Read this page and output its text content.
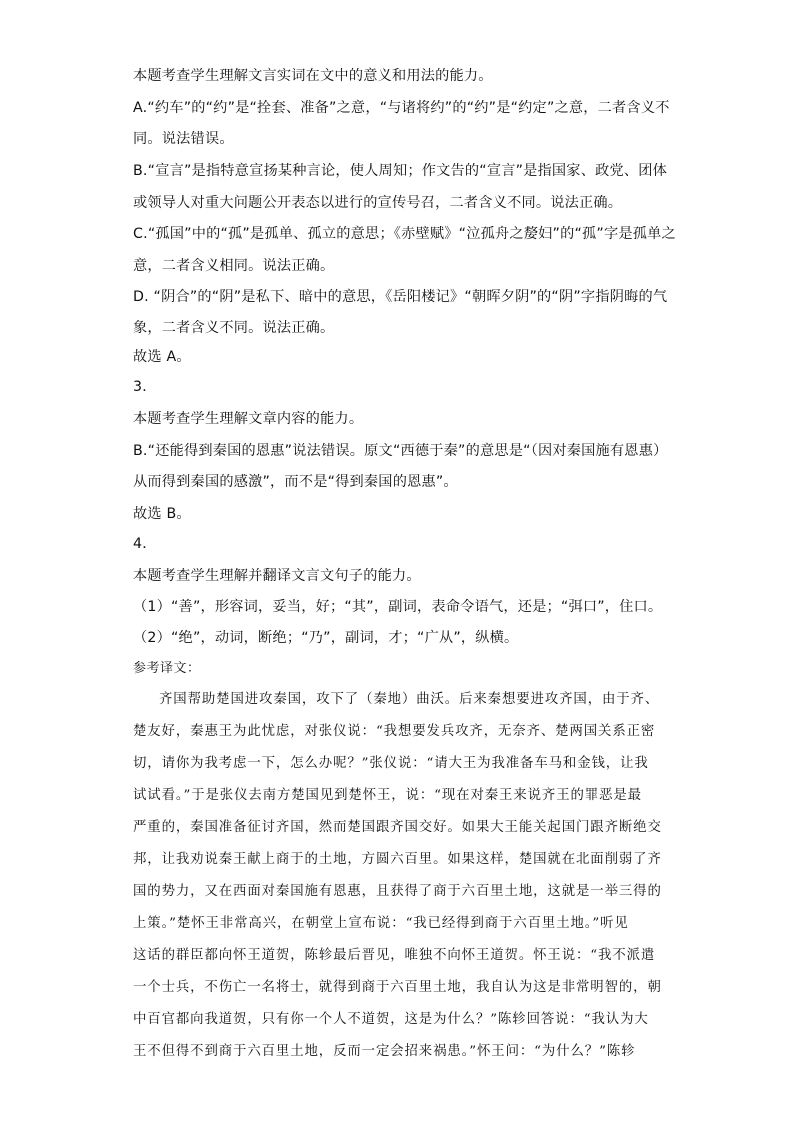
本题考查学生理解文言实词在文中的意义和用法的能力。
A.“约车”的“约”是“拴套、准备”之意，“与诸将约”的“约”是“约定”之意，二者含义不
同。说法错误。
B.“宣言”是指特意宣扬某种言论，使人周知；作文告的“宣言”是指国家、政党、团体
或领导人对重大问题公开表态以进行的宣传号召，二者含义不同。说法正确。
C.“孤国”中的“孤”是孤单、孤立的意思；《赤壁赋》“泣孤舟之嫠妇”的“孤”字是孤单之
意，二者含义相同。说法正确。
D. “阴合”的“阴”是私下、暗中的意思，《岳阳楼记》“朝晖夕阴”的“阴”字指阴晦的气
象，二者含义不同。说法正确。
故选 A。
3．
本题考查学生理解文章内容的能力。
B.“还能得到秦国的恩惠”说法错误。原文“西德于秦”的意思是“（因对秦国施有恩惠）
从而得到秦国的感激”，而不是“得到秦国的恩惠”。
故选 B。
4．
本题考查学生理解并翻译文言文句子的能力。
（1）“善”，形容词，妥当，好；“其”，副词，表命令语气，还是；“弭口”，住口。
（2）“绝”，动词，断绝；“乃”，副词，才；“广从”，纵横。
参考译文：
齐国帮助楚国进攻秦国，攻下了（秦地）曲沃。后来秦想要进攻齐国，由于齐、
楚友好，秦惠王为此忧虑，对张仪说：“我想要发兵攻齐，无奈齐、楚两国关系正密
切，请你为我考虑一下，怎么办呢？”张仪说：“请大王为我准备车马和金钱，让我
试试看。”于是张仪去南方楚国见到楚怀王，说：“现在对秦王来说齐王的罪恶是最
严重的，秦国准备征讨齐国，然而楚国跟齐国交好。如果大王能关起国门跟齐断绝交
邦，让我劝说秦王献上商于的土地，方圆六百里。如果这样，楚国就在北面削弱了齐
国的势力，又在西面对秦国施有恩惠，且获得了商于六百里土地，这就是一举三得的
上策。”楚怀王非常高兴，在朝堂上宣布说：“我已经得到商于六百里土地。”听见
这话的群臣都向怀王道贺，陈轸最后晋见，唯独不向怀王道贺。怀王说：“我不派遣
一个士兵，不伤亡一名将士，就得到商于六百里土地，我自认为这是非常明智的，朝
中百官都向我道贺，只有你一个人不道贺，这是为什么？”陈轸回答说：“我认为大
王不但得不到商于六百里土地，反而一定会招来祸患。”怀王问：“为什么？”陈轸
